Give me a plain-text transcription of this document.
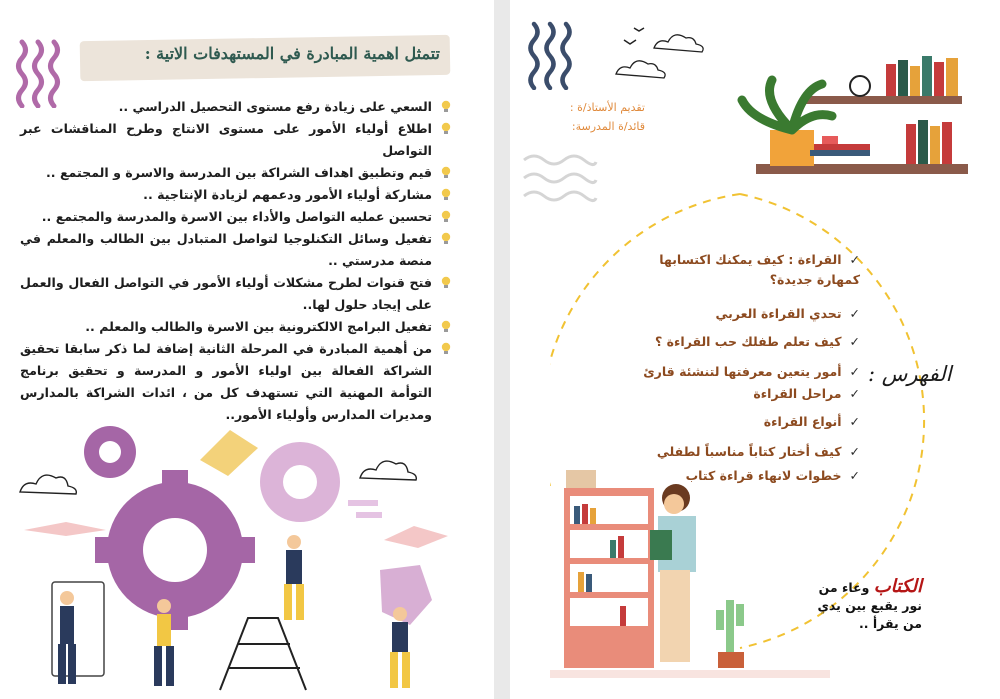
تتمثل اهمية المبادرة في المستهدفات الاتية :
السعي على زيادة رفع مستوى التحصيل الدراسي ..
اطلاع أولياء الأمور على مستوى الانتاج وطرح المناقشات عبر التواصل
قيم وتطبيق اهداف الشراكة بين المدرسة والاسرة و المجتمع ..
مشاركة أولياء الأمور ودعمهم لزيادة الإنتاجية ..
تحسين عمليه التواصل والأداء بين الاسرة والمدرسة والمجتمع ..
تفعيل وسائل التكنلوجيا لتواصل المتبادل بين الطالب والمعلم في منصة مدرستي ..
فتح قنوات لطرح مشكلات أولياء الأمور في التواصل الفعال والعمل على إيجاد حلول لها..
تفعيل البرامج الالكترونية بين الاسرة والطالب والمعلم ..
من أهمية المبادرة في المرحلة الثانية إضافة لما ذكر سابقا تحقيق الشراكة الفعالة بين اولياء الأمور و المدرسة و تحقيق برنامج التوأمة المهنية التي تستهدف كل من ، ائدات الشراكة بالمدارس ومديرات المدارس وأولياء الأمور..
تقديم الأستاذ/ة :
قائد/ة المدرسة:
الفهرس :
✓القراءة : كيف يمكنك اكتسابها كمهارة جديدة؟
✓تحدي القراءة العربي
✓كيف تعلم طفلك حب القراءة ؟
✓أمور يتعين معرفتها لتنشئة قارئ
✓مراحل القراءة
✓أنواع القراءة
✓كيف أختار كتاباً مناسباً لطفلي
✓خطوات لانهاء قراءة كتاب
الكتاب وعاء من
نور يقبع بين يدي
من يقرأ ..
